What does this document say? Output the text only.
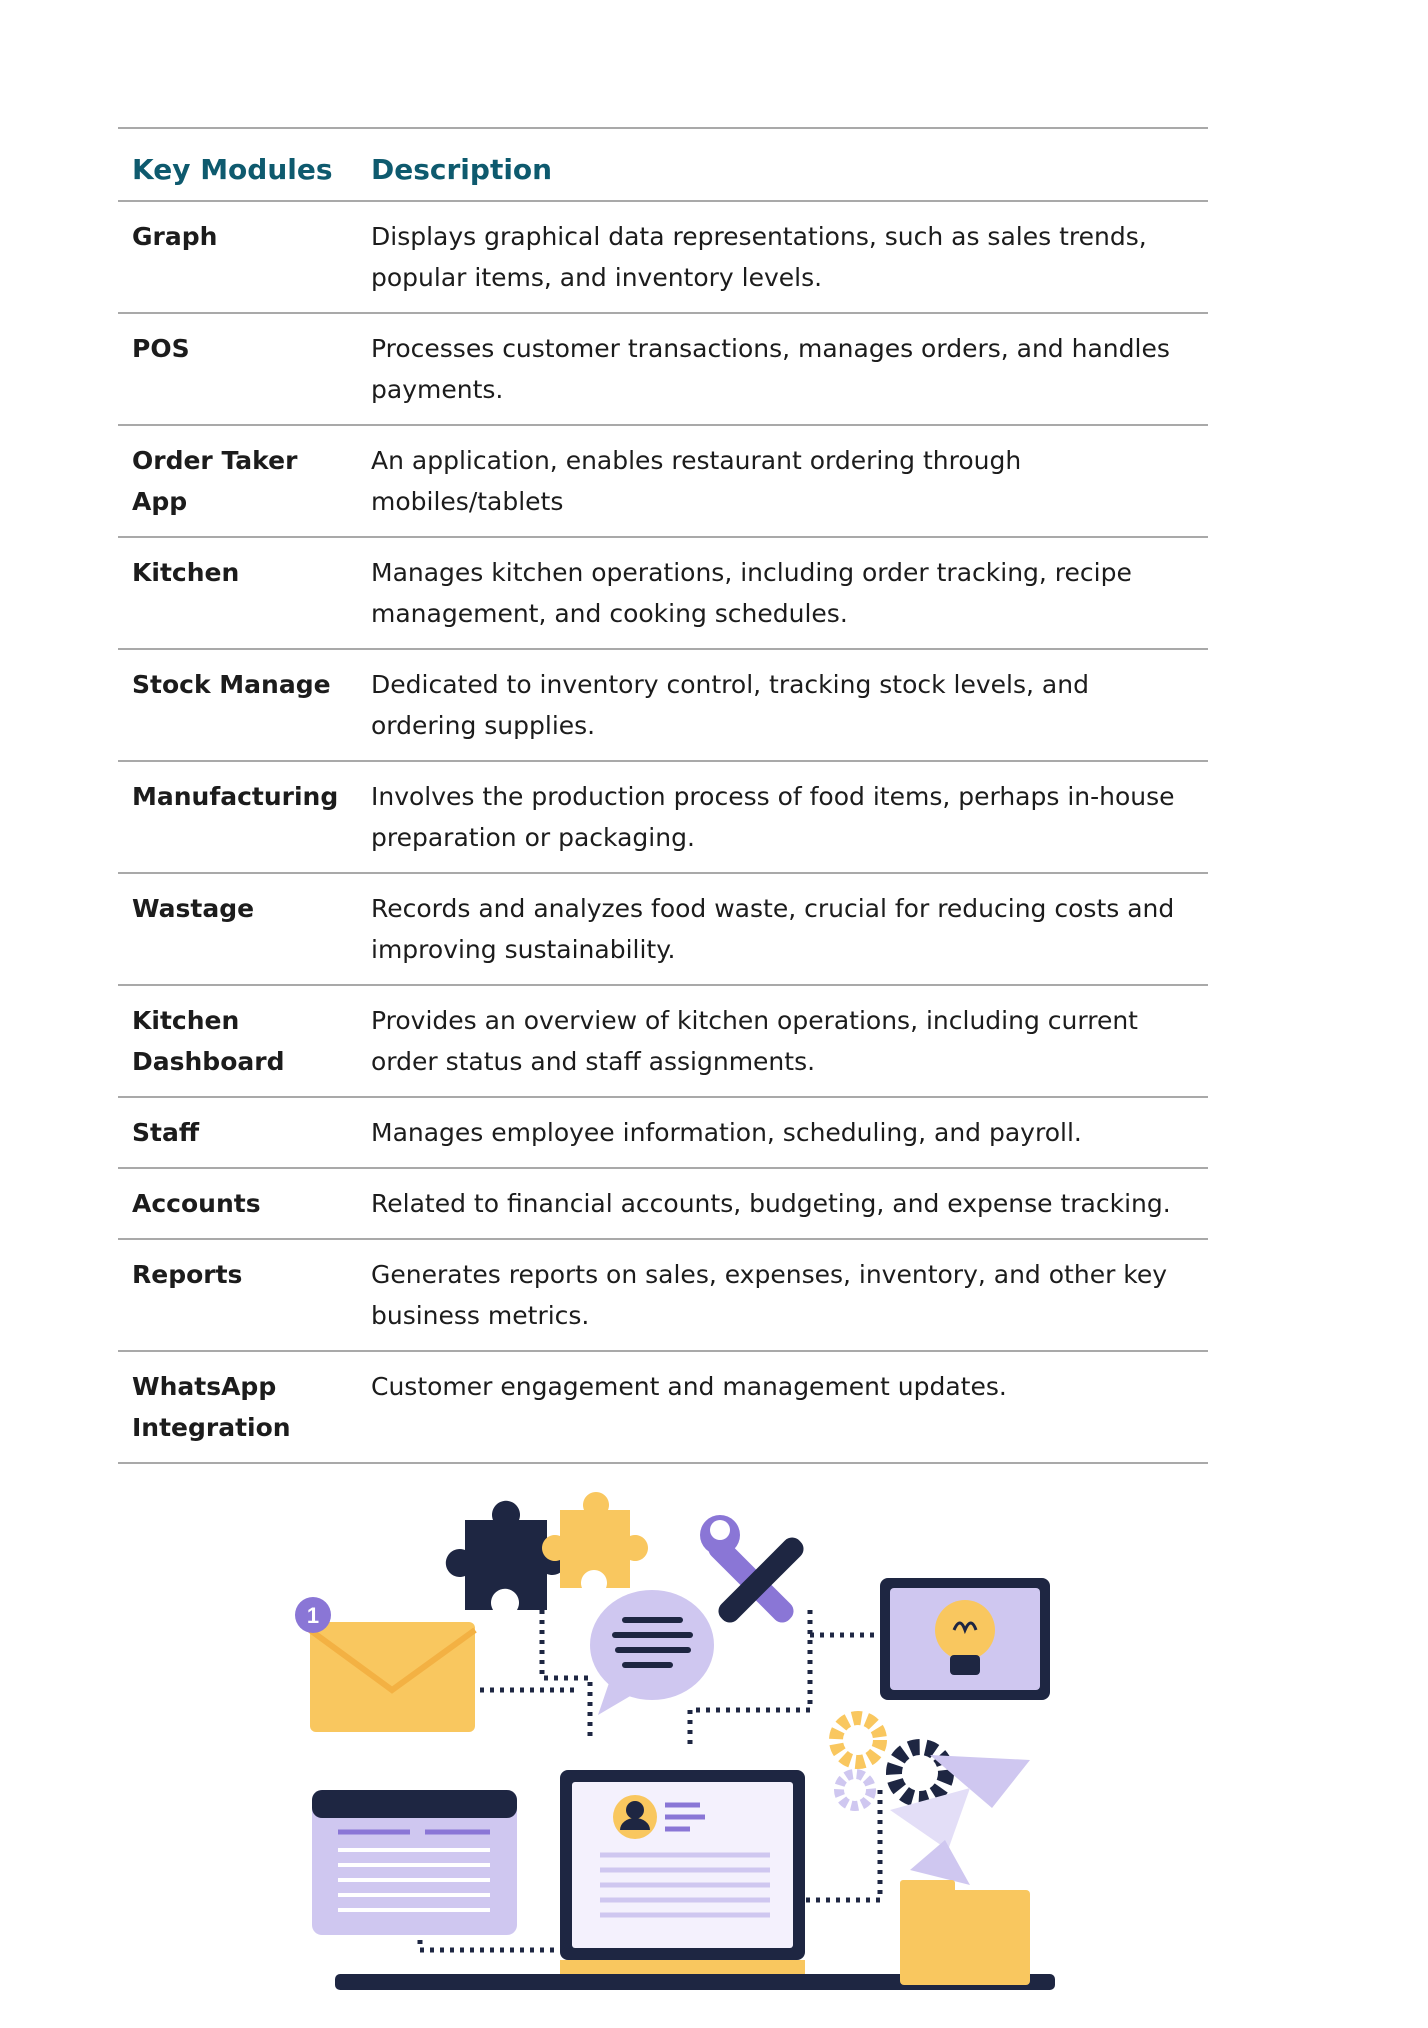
Key Modules	Description
Graph	Displays graphical data representations, such as sales trends, popular items, and inventory levels.
POS	Processes customer transactions, manages orders, and handles payments.
Order Taker App	An application, enables restaurant ordering through mobiles/tablets
Kitchen	Manages kitchen operations, including order tracking, recipe management, and cooking schedules.
Stock Manage	Dedicated to inventory control, tracking stock levels, and ordering supplies.
Manufacturing	Involves the production process of food items, perhaps in-house preparation or packaging.
Wastage	Records and analyzes food waste, crucial for reducing costs and improving sustainability.
Kitchen Dashboard	Provides an overview of kitchen operations, including current order status and staff assignments.
Staff	Manages employee information, scheduling, and payroll.
Accounts	Related to financial accounts, budgeting, and expense tracking.
Reports	Generates reports on sales, expenses, inventory, and other key business metrics.
WhatsApp Integration	Customer engagement and management updates.
1
